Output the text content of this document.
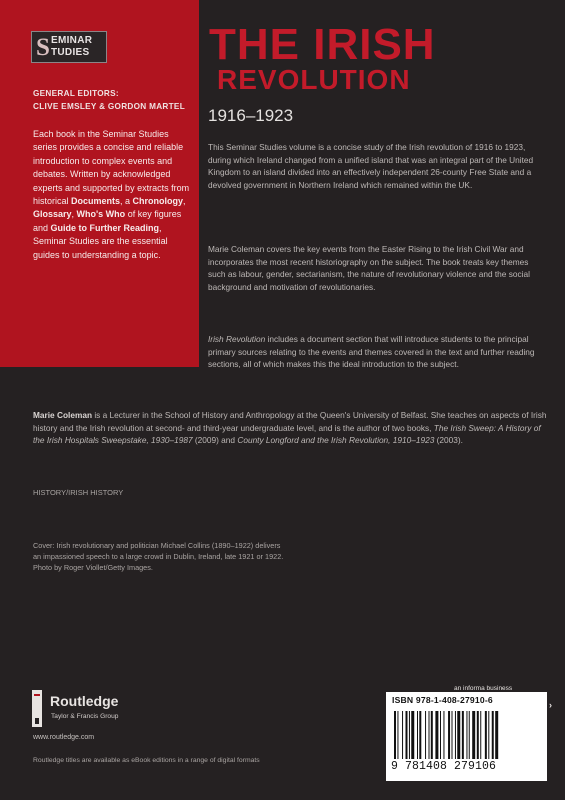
S EMINAR
TUDIES
GENERAL EDITORS:
CLIVE EMSLEY & GORDON MARTEL
Each book in the Seminar Studies series provides a concise and reliable introduction to complex events and debates. Written by acknowledged experts and supported by extracts from historical Documents, a Chronology, Glossary, Who's Who of key figures and Guide to Further Reading, Seminar Studies are the essential guides to understanding a topic.
THE IRISH
REVOLUTION
1916–1923

This Seminar Studies volume is a concise study of the Irish revolution of 1916 to 1923, during which Ireland changed from a unified island that was an integral part of the United Kingdom to an island divided into an effectively independent 26-county Free State and a devolved government in Northern Ireland which remained within the UK.

Marie Coleman covers the key events from the Easter Rising to the Irish Civil War and incorporates the most recent historiography on the subject. The book treats key themes such as labour, gender, sectarianism, the nature of revolutionary violence and the social background and motivation of revolutionaries.

Irish Revolution includes a document section that will introduce students to the principal primary sources relating to the events and themes covered in the text and further reading sections, all of which makes this the ideal introduction to the subject.

Marie Coleman is a Lecturer in the School of History and Anthropology at the Queen's University of Belfast. She teaches on aspects of Irish history and the Irish revolution at second- and third-year undergraduate level, and is the author of two books, The Irish Sweep: A History of the Irish Hospitals Sweepstake, 1930–1987 (2009) and County Longford and the Irish Revolution, 1910–1923 (2003).

HISTORY/IRISH HISTORY
Cover: Irish revolutionary and politician Michael Collins (1890–1922) delivers
an impassioned speech to a large crowd in Dublin, Ireland, late 1921 or 1922.
Photo by Roger Viollet/Getty Images.
Routledge
Taylor & Francis Group
www.routledge.com
Routledge titles are available as eBook editions in a range of digital formats
an informa business
ISBN 978-1-408-27910-6
9 781408 279106
›
